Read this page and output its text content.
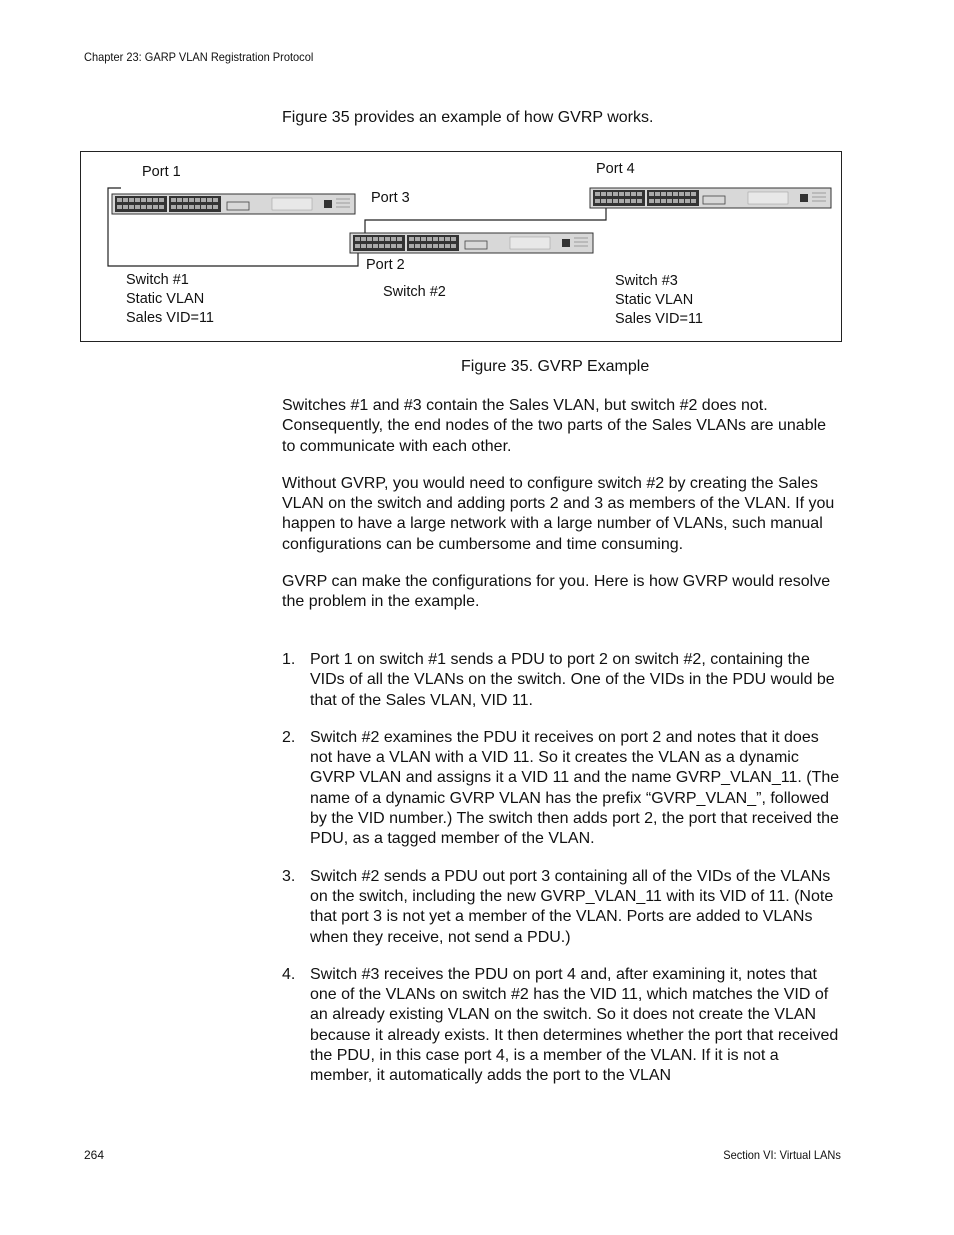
Chapter 23: GARP VLAN Registration Protocol
Figure 35 provides an example of how GVRP works.
Port 1
Port 3
Port 4
Port 2
Switch #1
Static VLAN
Sales VID=11
Switch #2
Switch #3
Static VLAN
Sales VID=11
Figure 35. GVRP Example

Switches #1 and #3 contain the Sales VLAN, but switch #2 does not. Consequently, the end nodes of the two parts of the Sales VLANs are unable to communicate with each other.

Without GVRP, you would need to configure switch #2 by creating the Sales VLAN on the switch and adding ports 2 and 3 as members of the VLAN. If you happen to have a large network with a large number of VLANs, such manual configurations can be cumbersome and time consuming.

GVRP can make the configurations for you. Here is how GVRP would resolve the problem in the example.

1. Port 1 on switch #1 sends a PDU to port 2 on switch #2, containing the VIDs of all the VLANs on the switch. One of the VIDs in the PDU would be that of the Sales VLAN, VID 11.
2. Switch #2 examines the PDU it receives on port 2 and notes that it does not have a VLAN with a VID 11. So it creates the VLAN as a dynamic GVRP VLAN and assigns it a VID 11 and the name GVRP_VLAN_11. (The name of a dynamic GVRP VLAN has the prefix “GVRP_VLAN_”, followed by the VID number.) The switch then adds port 2, the port that received the PDU, as a tagged member of the VLAN.
3. Switch #2 sends a PDU out port 3 containing all of the VIDs of the VLANs on the switch, including the new GVRP_VLAN_11 with its VID of 11. (Note that port 3 is not yet a member of the VLAN. Ports are added to VLANs when they receive, not send a PDU.)
4. Switch #3 receives the PDU on port 4 and, after examining it, notes that one of the VLANs on switch #2 has the VID 11, which matches the VID of an already existing VLAN on the switch. So it does not create the VLAN because it already exists. It then determines whether the port that received the PDU, in this case port 4, is a member of the VLAN. If it is not a member, it automatically adds the port to the VLAN
264	Section VI: Virtual LANs
